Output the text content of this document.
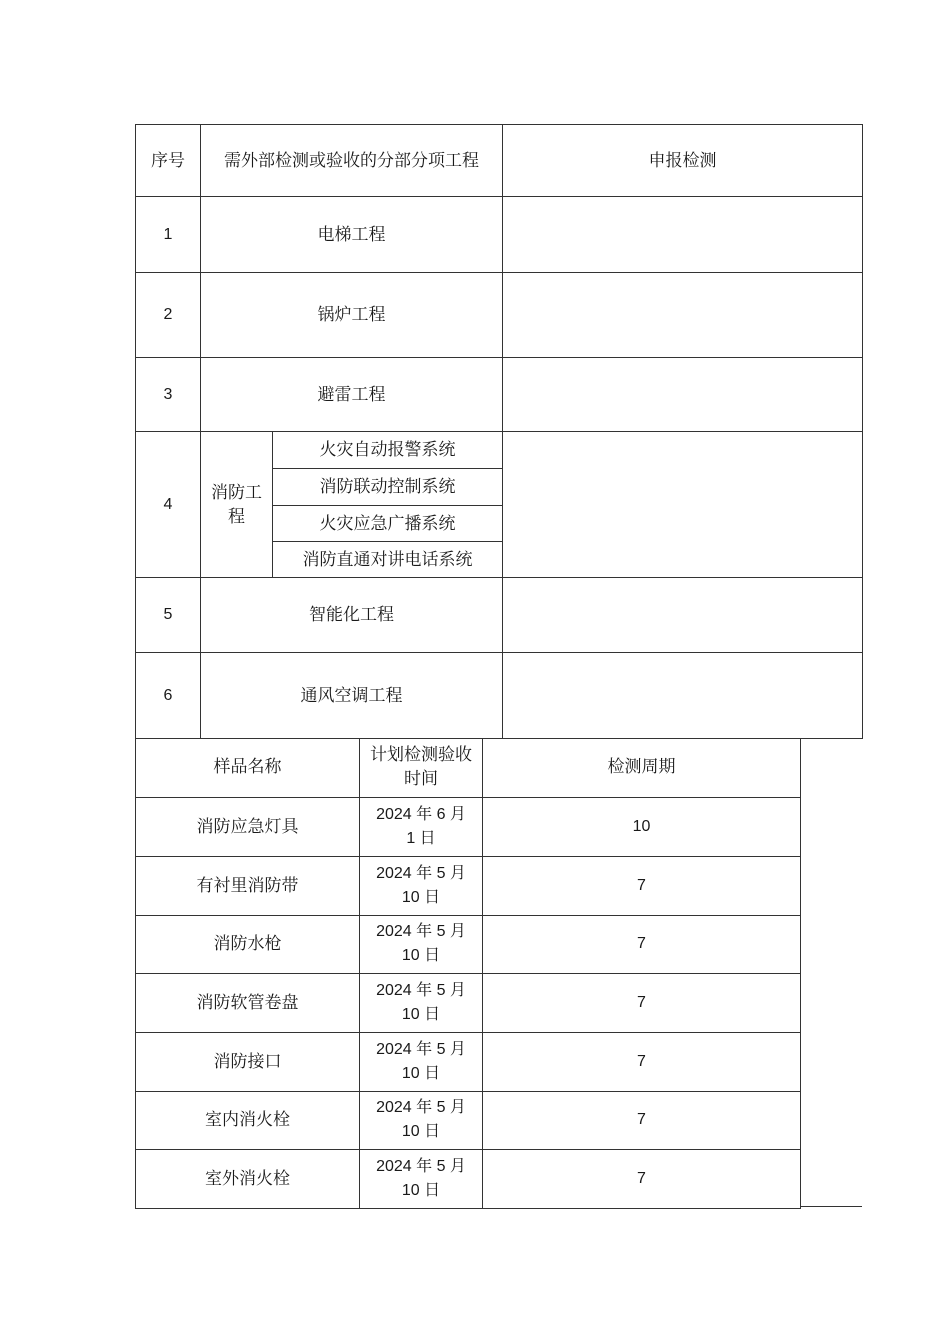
序号	需外部检测或验收的分部分项工程		申报检测
1	电梯工程		
2	锅炉工程		
3	避雷工程		
4	消防工程	火灾自动报警系统	
		消防联动控制系统	
		火灾应急广播系统	
		消防直通对讲电话系统	
5	智能化工程		
6	通风空调工程		
样品名称	计划检测验收时间	检测周期
消防应急灯具	2024 年 6 月 1 日	10
有衬里消防带	2024 年 5 月 10 日	7
消防水枪	2024 年 5 月 10 日	7
消防软管卷盘	2024 年 5 月 10 日	7
消防接口	2024 年 5 月 10 日	7
室内消火栓	2024 年 5 月 10 日	7
室外消火栓	2024 年 5 月 10 日	7
